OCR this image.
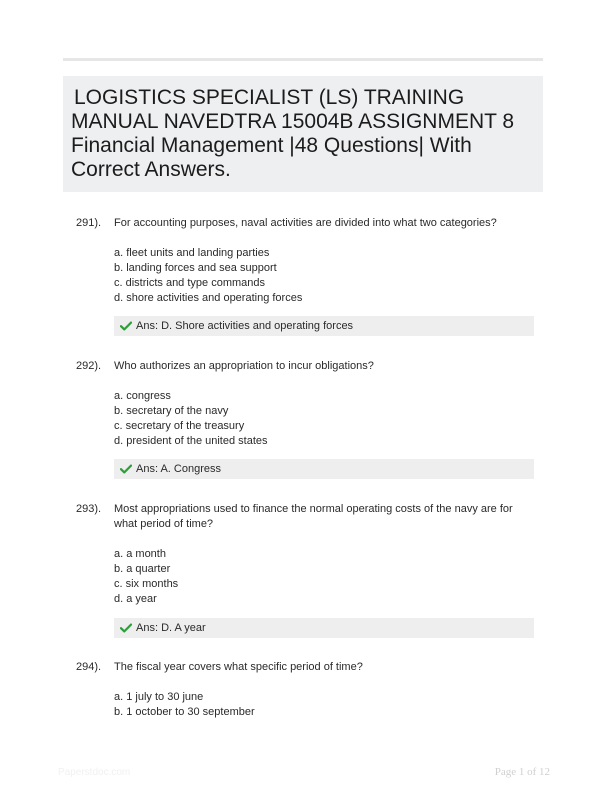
LOGISTICS SPECIALIST (LS) TRAINING MANUAL NAVEDTRA 15004B ASSIGNMENT 8 Financial Management |48 Questions| With Correct Answers.
291). For accounting purposes, naval activities are divided into what two categories?

a. fleet units and landing parties
b. landing forces and sea support
c. districts and type commands
d. shore activities and operating forces
Ans: D. Shore activities and operating forces
292). Who authorizes an appropriation to incur obligations?

a. congress
b. secretary of the navy
c. secretary of the treasury
d. president of the united states
Ans: A. Congress
293). Most appropriations used to finance the normal operating costs of the navy are for what period of time?

a. a month
b. a quarter
c. six months
d. a year
Ans: D. A year
294). The fiscal year covers what specific period of time?

a. 1 july to 30 june
b. 1 october to 30 september
Paperstdoc.com	Page 1 of 12
